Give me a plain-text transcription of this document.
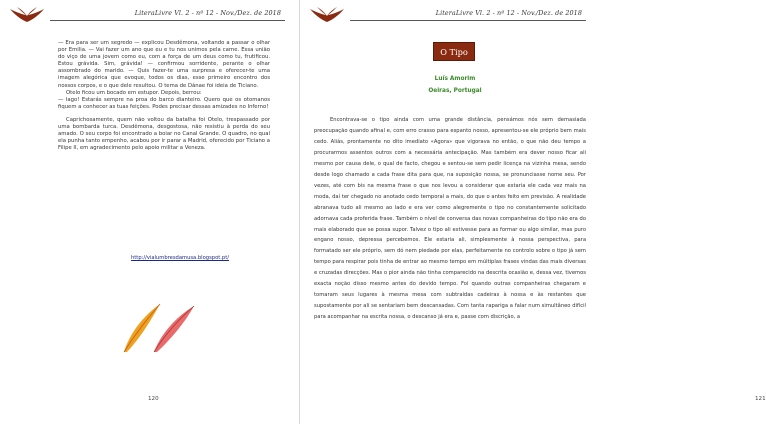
LiteraLivre Vl. 2 - nº 12 - Nov./Dez. de 2018

— Era para ser um segredo — explicou Desdêmona, voltando a passar o olhar por Emília. — Vai fazer um ano que eu e tu nos unimos pela carne. Essa união do viço de uma jovem como eu, com a força de um deus como tu, frutificou. Estou grávida. Sim, grávida! — confirmou sorridente, perante o olhar assombrado do marido. — Quis fazer-te uma surpresa e oferecer-te uma imagem alegórica que evoque, todos os dias, esse primeiro encontro dos nossos corpos, e o que dele resultou. O tema de Dánae foi ideia de Ticiano.

Otelo ficou um bocado em estupor. Depois, berrou:

— Iago! Estarás sempre na proa do barco dianteiro. Quero que os otomanos fiquem a conhecer as tuas feições. Podes precisar dessas amizades no Inferno!

Caprichosamente, quem não voltou da batalha foi Otelo, trespassado por uma bombarda turca. Desdêmona, desgostosa, não resistiu à perda do seu amado. O seu corpo foi encontrado a boiar no Canal Grande. O quadro, no qual ela punha tanto empenho, acabou por ir parar a Madrid, oferecido por Ticiano a Filipe II, em agradecimento pelo apoio militar a Veneza.

http://vialumbresdamusa.blogspot.pt/
120
LiteraLivre Vl. 2 - nº 12 - Nov./Dez. de 2018
O Tipo
Luís Amorim
Oeiras, Portugal

Encontrava-se o tipo ainda com uma grande distância, pensámos nós sem demasiada preocupação quando afinal e, com erro crasso para espanto nosso, apresentou-se ele próprio bem mais cedo. Aliás, prontamente no dito imediato «Agora» que vigorava no então, o que não deu tempo a procurarmos assentos outros com a necessária antecipação. Mas também era dever nosso ficar ali mesmo por causa dele, o qual de facto, chegou e sentou-se sem pedir licença na vizinha mesa, sendo desde logo chamado a cada frase dita para que, na suposição nossa, se pronunciasse nome seu. Por vezes, até com bis na mesma frase o que nos levou a considerar que estaria ele cada vez mais na moda, daí ter chegado no anotado cedo temporal a mais, do que o antes feito em previsão. A realidade abranava tudo ali mesmo ao lado e era ver como alegremente o tipo no constantemente solicitado adornava cada proferida frase. Também o nível de conversa das novas companheiras do tipo não era do mais elaborado que se possa supor. Talvez o tipo ali estivesse para as formar ou algo similar, mas puro engano nosso, depressa percebemos. Ele estaria ali, simplesmente à nossa perspectiva, para formatado ser ele próprio, sem dó nem piedade por elas, perfeitamente no controlo sobre o tipo já sem tempo para respirar pois tinha de entrar ao mesmo tempo em múltiplas frases vindas das mais diversas e cruzadas direcções. Mas o pior ainda não tinha comparecido na descrita ocasião e, dessa vez, tivemos exacta noção disso mesmo antes do devido tempo. Foi quando outras companheiras chegaram e tomaram seus lugares à mesma mesa com subtraídas cadeiras à nossa e às restantes que supostamente por ali se sentariam bem descansadas. Com tanta rapariga a falar num simultâneo difícil para acompanhar na escrita nossa, o descanso já era e, passe com discrição, a

121
